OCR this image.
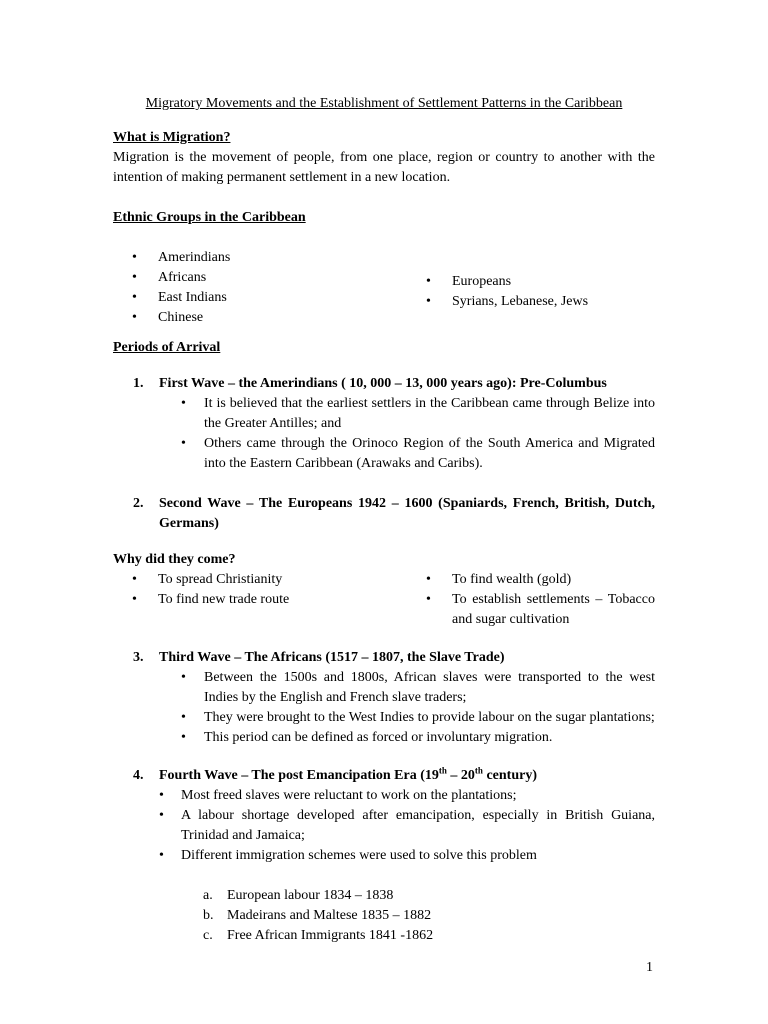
Migratory Movements and the Establishment of Settlement Patterns in the Caribbean

What is Migration?

Migration is the movement of people, from one place, region or country to another with the intention of making permanent settlement in a new location.

Ethnic Groups in the Caribbean

• Amerindians
• Africans
• East Indians
• Chinese
• Europeans
• Syrians, Lebanese, Jews

Periods of Arrival

1.	First Wave – the Amerindians ( 10, 000 – 13, 000 years ago): Pre-Columbus
• It is believed that the earliest settlers in the Caribbean came through Belize into the Greater Antilles; and
• Others came through the Orinoco Region of the South America and Migrated into the Eastern Caribbean (Arawaks and Caribs).
2.	Second Wave – The Europeans 1942 – 1600 (Spaniards, French, British, Dutch, Germans)

Why did they come?

• To spread Christianity
• To find new trade route
• To find wealth (gold)
• To establish settlements – Tobacco and sugar cultivation
3.	Third Wave – The Africans (1517 – 1807, the Slave Trade)
• Between the 1500s and 1800s, African slaves were transported to the west Indies by the English and French slave traders;
• They were brought to the West Indies to provide labour on the sugar plantations;
• This period can be defined as forced or involuntary migration.
4.	Fourth Wave – The post Emancipation Era (19th – 20th century)
• Most freed slaves were reluctant to work on the plantations;
• A labour shortage developed after emancipation, especially in British Guiana, Trinidad and Jamaica;
• Different immigration schemes were used to solve this problem
a.	European labour 1834 – 1838
b. Madeirans and Maltese 1835 – 1882
c.	Free African Immigrants 1841 -1862
1
